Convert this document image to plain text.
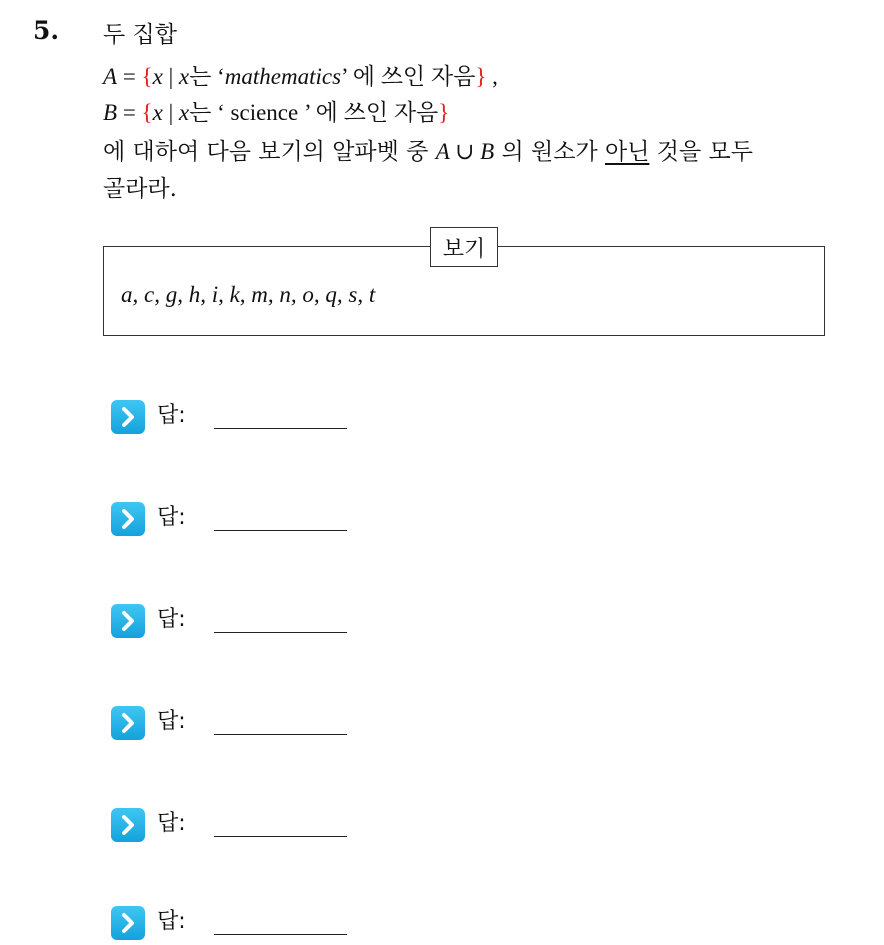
5. 두 집합
A = {x | x는 ‘mathematics’ 에 쓰인 자음} ,
B = {x | x는 ‘ science ’ 에 쓰인 자음}
에 대하여 다음 보기의 알파벳 중 A ∪ B 의 원소가 아닌 것을 모두
골라라.
보기
a, c, g, h, i, k, m, n, o, q, s, t
답:
답:
답:
답:
답:
답:
